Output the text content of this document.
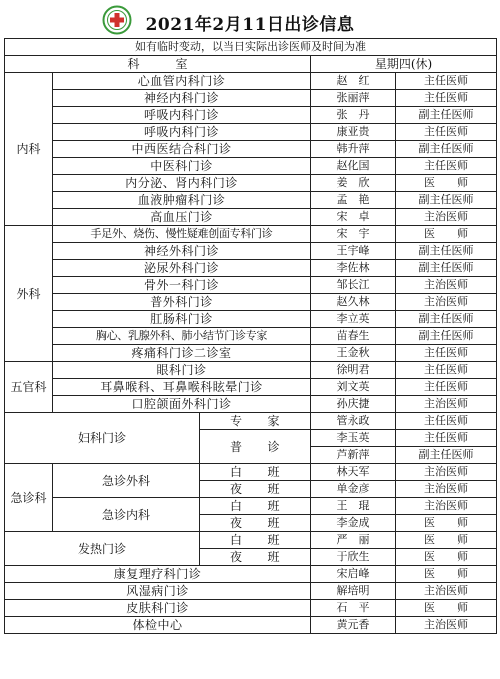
2021年2月11日出诊信息
如有临时变动，以当日实际出诊医师及时间为准				
科　　　室			星期四(休)	
内科	心血管内科门诊		赵　红	主任医师
	神经内科门诊		张丽萍	主任医师
	呼吸内科门诊		张　丹	副主任医师
	呼吸内科门诊		康亚贵	主任医师
	中西医结合科门诊		韩升萍	副主任医师
	中医科门诊		赵化国	主任医师
	内分泌、肾内科门诊		姜　欣	医　　师
	血液肿瘤科门诊		孟　艳	副主任医师
	高血压门诊		宋　卓	主治医师
外科	手足外、烧伤、慢性疑难创面专科门诊		宋　宇	医　　师
	神经外科门诊		王宇峰	副主任医师
	泌尿外科门诊		李佐林	副主任医师
	骨外一科门诊		邹长江	主治医师
	普外科门诊		赵久林	主治医师
	肛肠科门诊		李立英	副主任医师
	胸心、乳腺外科、肺小结节门诊专家		苗春生	副主任医师
	疼痛科门诊二诊室		王金秋	主任医师
五官科	眼科门诊		徐明君	主任医师
	耳鼻喉科、耳鼻喉科眩晕门诊		刘文英	主任医师
	口腔颌面外科门诊		孙庆捷	主治医师
妇科门诊		专　　家	管永政	主任医师
		普　　诊	李玉英	主任医师
			芦新萍	副主任医师
急诊科	急诊外科	白　　班	林天军	主治医师
		夜　　班	单金彦	主治医师
	急诊内科	白　　班	王　琨	主治医师
		夜　　班	李金成	医　　师
发热门诊		白　　班	严　丽	医　　师
		夜　　班	于欣生	医　　师
康复理疗科门诊			宋启峰	医　　师
风湿病门诊			解培明	主治医师
皮肤科门诊			石　平	医　　师
体检中心			黄元香	主治医师
